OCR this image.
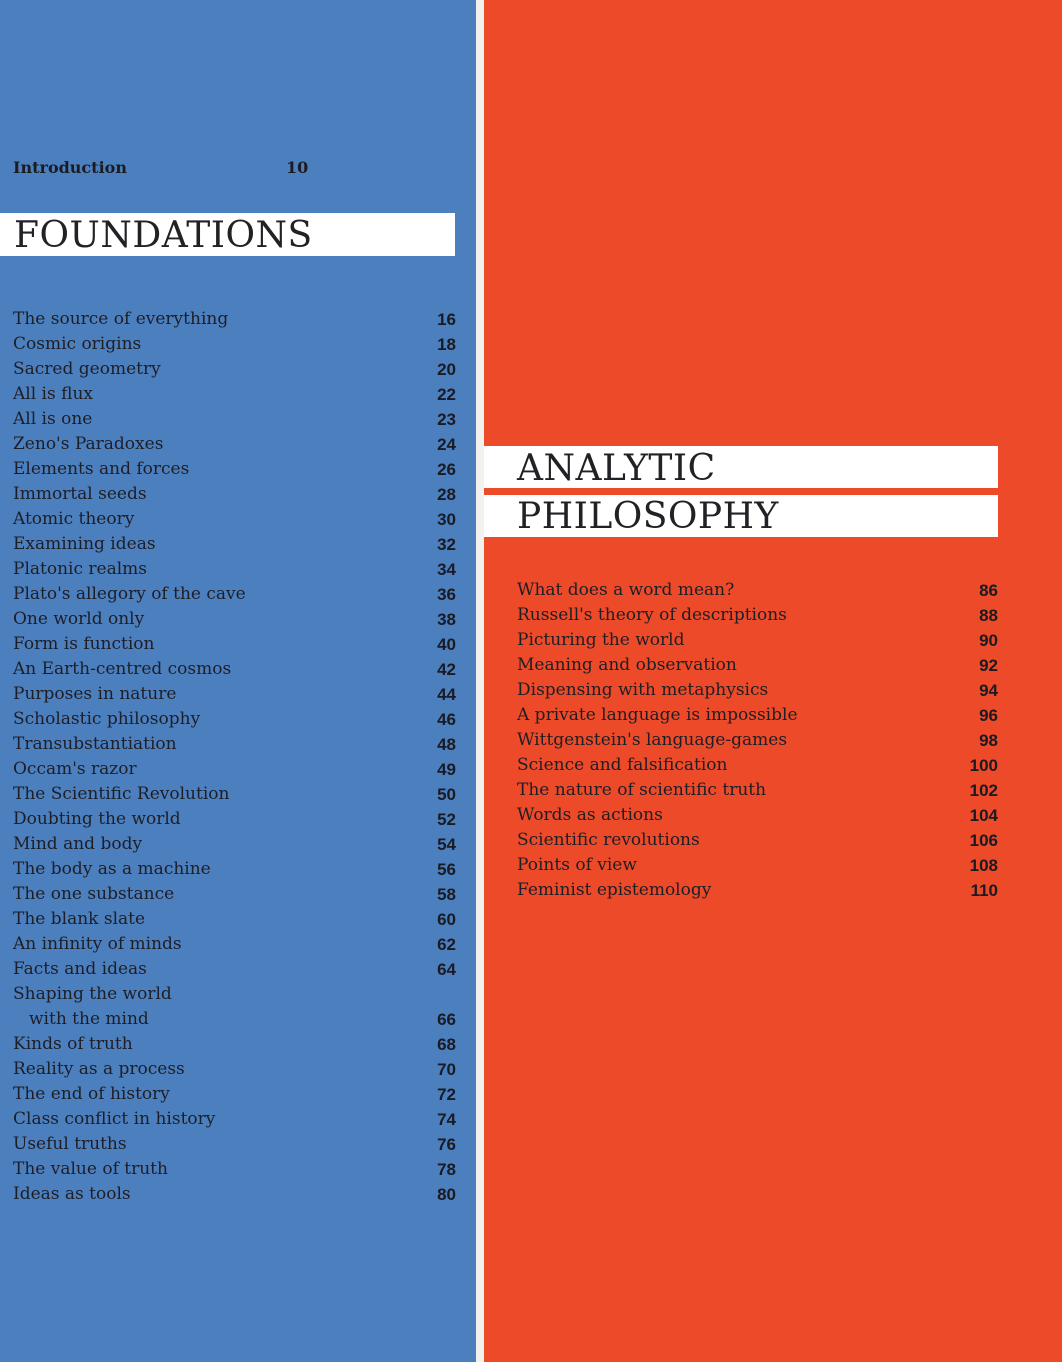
Introduction	10
FOUNDATIONS
The source of everything	16
Cosmic origins	18
Sacred geometry	20
All is flux	22
All is one	23
Zeno's Paradoxes	24
Elements and forces	26
Immortal seeds	28
Atomic theory	30
Examining ideas	32
Platonic realms	34
Plato's allegory of the cave	36
One world only	38
Form is function	40
An Earth-centred cosmos	42
Purposes in nature	44
Scholastic philosophy	46
Transubstantiation	48
Occam's razor	49
The Scientific Revolution	50
Doubting the world	52
Mind and body	54
The body as a machine	56
The one substance	58
The blank slate	60
An infinity of minds	62
Facts and ideas	64
Shaping the world
with the mind	66
Kinds of truth	68
Reality as a process	70
The end of history	72
Class conflict in history	74
Useful truths	76
The value of truth	78
Ideas as tools	80
ANALYTIC
PHILOSOPHY
What does a word mean?	86
Russell's theory of descriptions	88
Picturing the world	90
Meaning and observation	92
Dispensing with metaphysics	94
A private language is impossible	96
Wittgenstein's language-games	98
Science and falsification	100
The nature of scientific truth	102
Words as actions	104
Scientific revolutions	106
Points of view	108
Feminist epistemology	110
